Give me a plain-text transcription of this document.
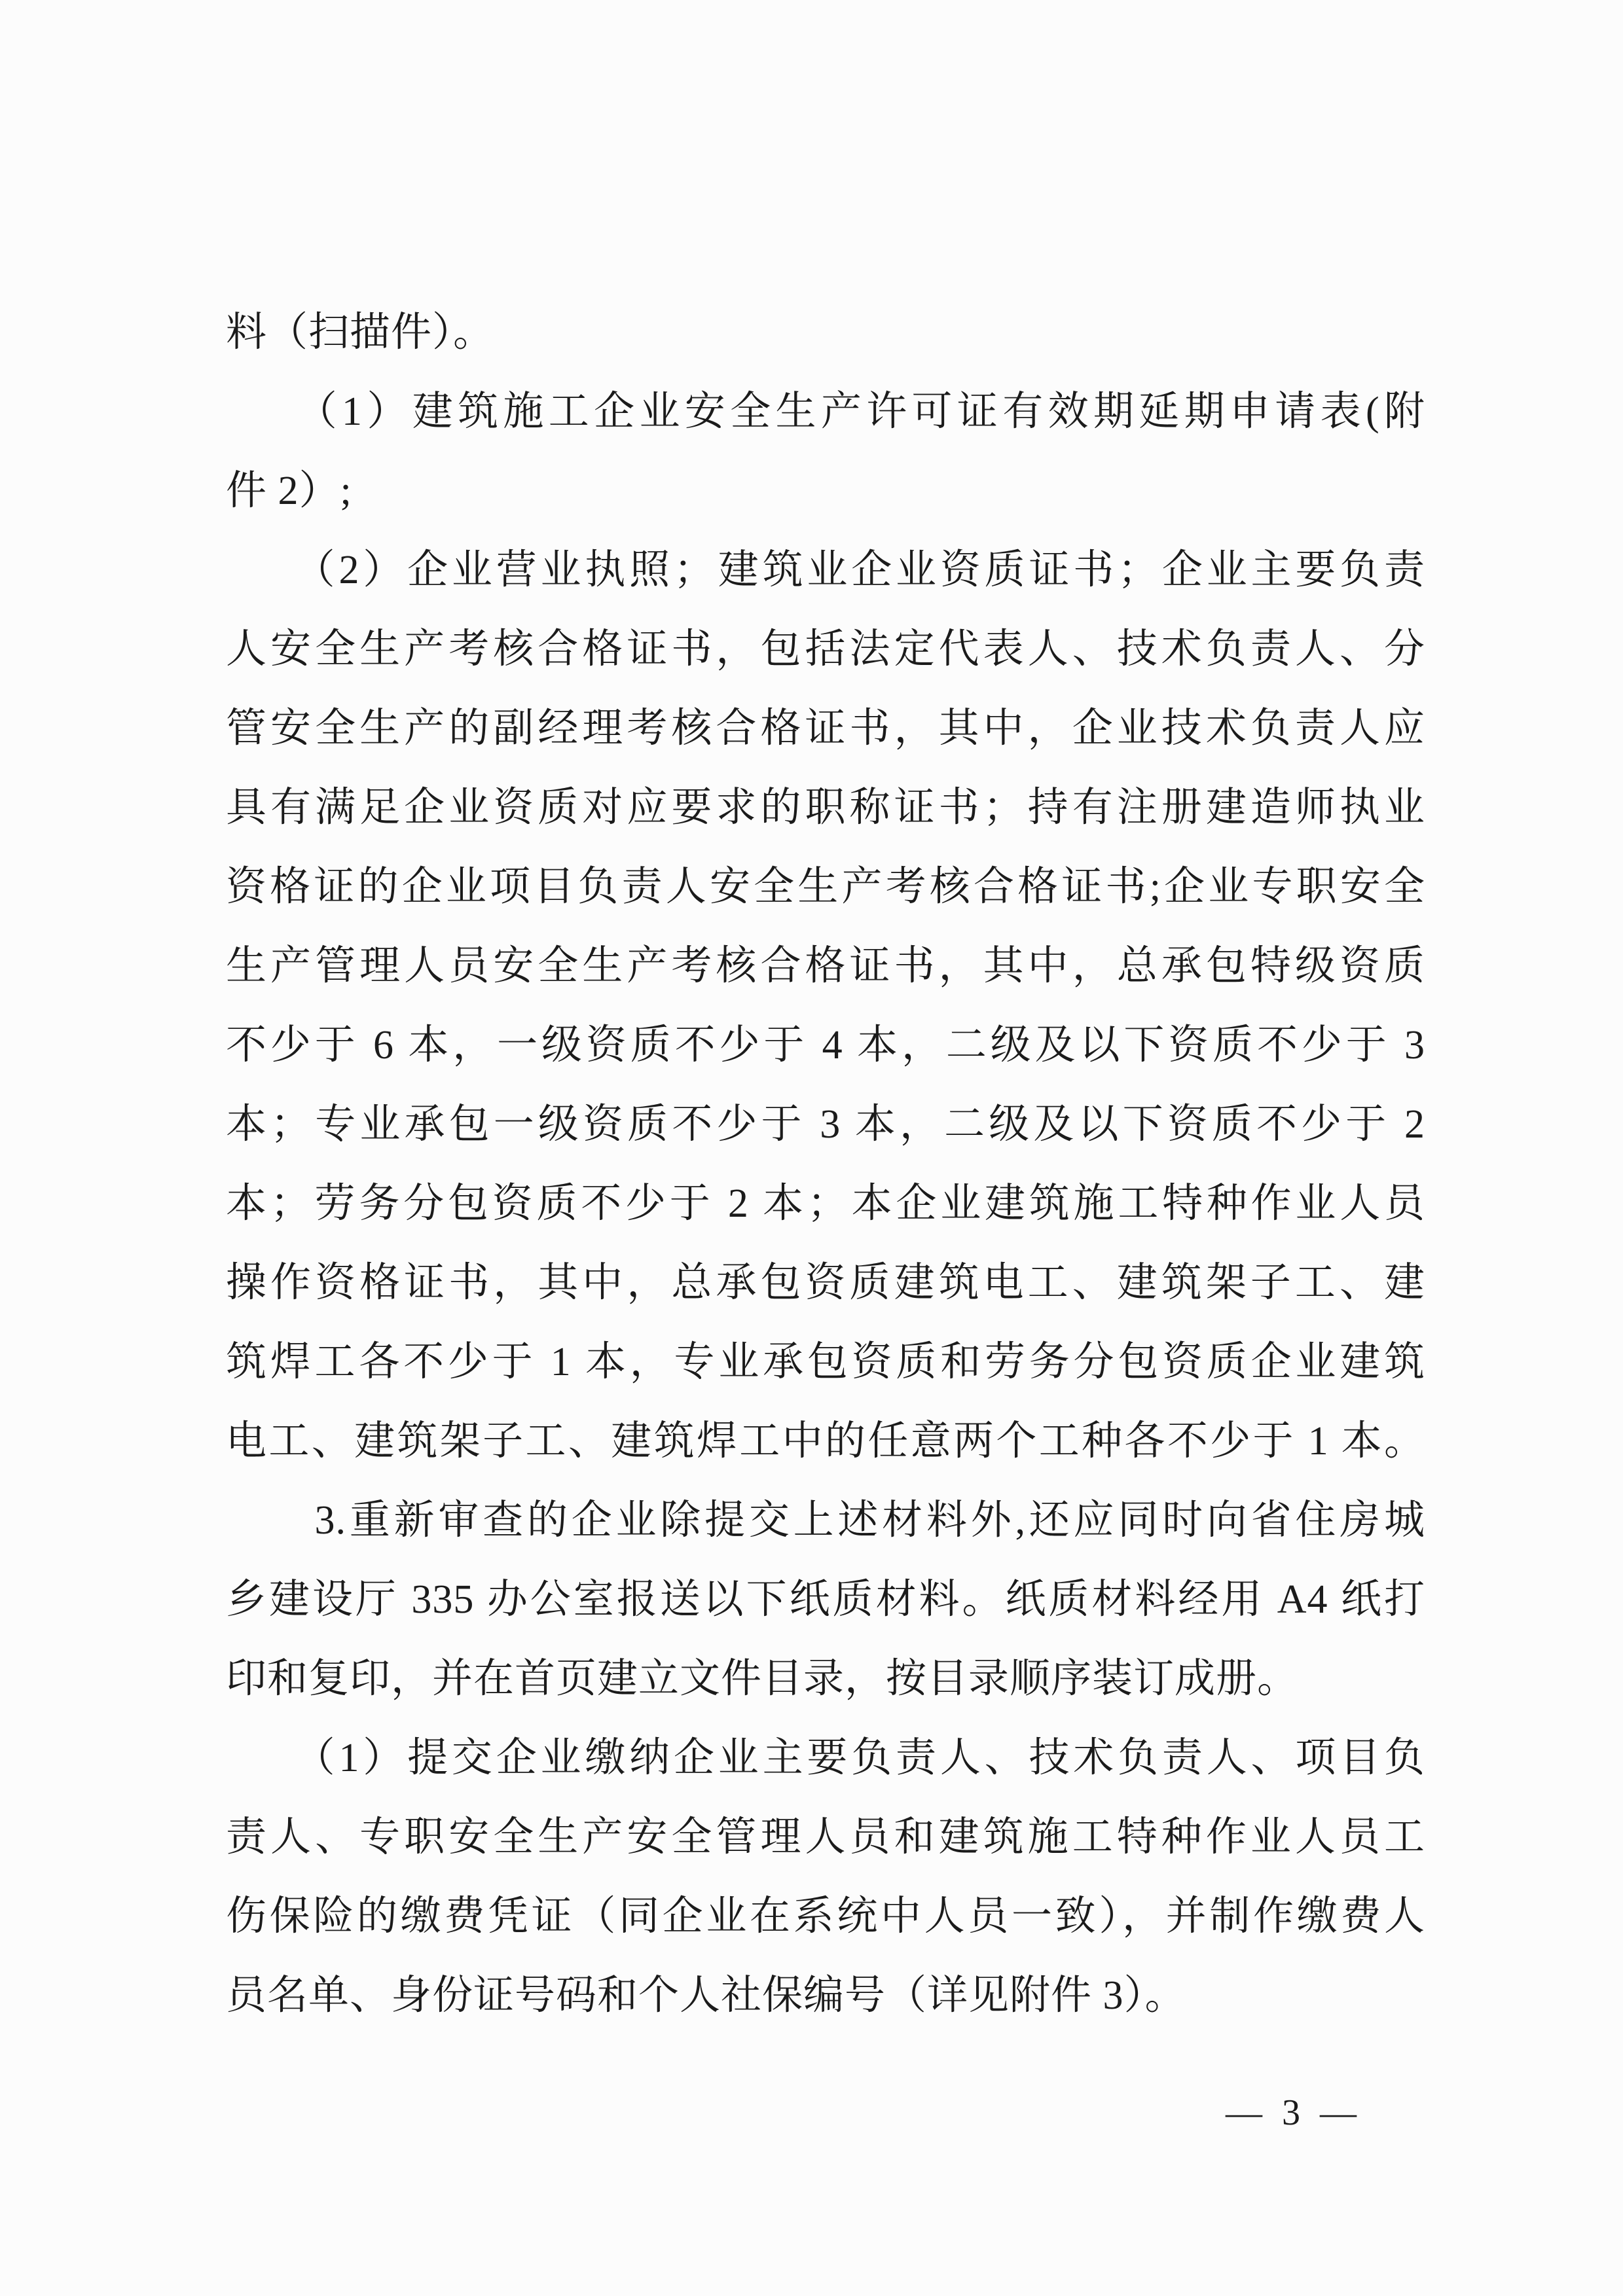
料（扫描件）。
　　（1）建筑施工企业安全生产许可证有效期延期申请表(附
件 2）;
　　（2）企业营业执照；建筑业企业资质证书；企业主要负责
人安全生产考核合格证书，包括法定代表人、技术负责人、分
管安全生产的副经理考核合格证书，其中，企业技术负责人应
具有满足企业资质对应要求的职称证书；持有注册建造师执业
资格证的企业项目负责人安全生产考核合格证书;企业专职安全
生产管理人员安全生产考核合格证书，其中，总承包特级资质
不少于 6 本，一级资质不少于 4 本，二级及以下资质不少于 3
本；专业承包一级资质不少于 3 本，二级及以下资质不少于 2
本；劳务分包资质不少于 2 本；本企业建筑施工特种作业人员
操作资格证书，其中，总承包资质建筑电工、建筑架子工、建
筑焊工各不少于 1 本，专业承包资质和劳务分包资质企业建筑
电工、建筑架子工、建筑焊工中的任意两个工种各不少于 1 本。
　　3.重新审查的企业除提交上述材料外,还应同时向省住房城
乡建设厅 335 办公室报送以下纸质材料。纸质材料经用 A4 纸打
印和复印，并在首页建立文件目录，按目录顺序装订成册。
　　（1）提交企业缴纳企业主要负责人、技术负责人、项目负
责人、专职安全生产安全管理人员和建筑施工特种作业人员工
伤保险的缴费凭证（同企业在系统中人员一致），并制作缴费人
员名单、身份证号码和个人社保编号（详见附件 3）。
— 3 —
